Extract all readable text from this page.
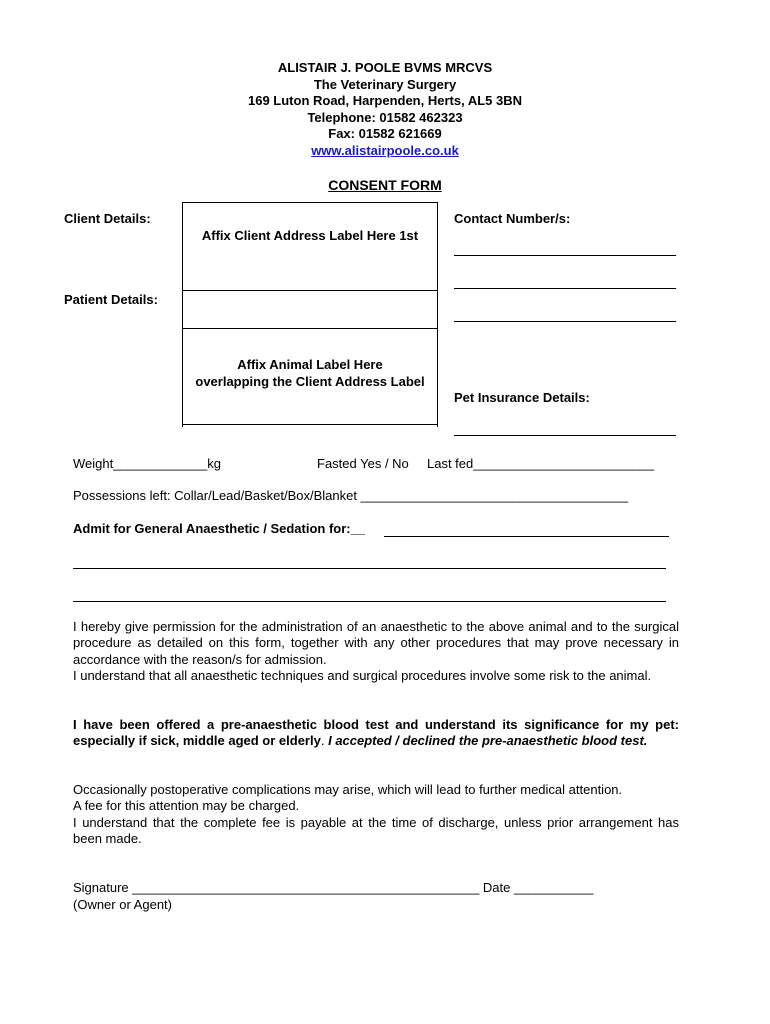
ALISTAIR J. POOLE BVMS MRCVS
The Veterinary Surgery
169 Luton Road, Harpenden, Herts, AL5 3BN
Telephone: 01582 462323
Fax: 01582 621669
www.alistairpoole.co.uk
CONSENT FORM
Client Details:
Patient Details:
Affix Client Address Label Here 1st
Affix Animal Label Here
overlapping the Client Address Label
Contact Number/s:
Pet Insurance Details:
Weight_____________kg	Fasted Yes / No Last fed_________________________
Possessions left: Collar/Lead/Basket/Box/Blanket _____________________________________
Admit for General Anaesthetic / Sedation for:__

I hereby give permission for the administration of an anaesthetic to the above animal and to the surgical procedure as detailed on this form, together with any other procedures that may prove necessary in accordance with the reason/s for admission.

I understand that all anaesthetic techniques and surgical procedures involve some risk to the animal.

I have been offered a pre-anaesthetic blood test and understand its significance for my pet: especially if sick, middle aged or elderly. I accepted / declined the pre-anaesthetic blood test.

Occasionally postoperative complications may arise, which will lead to further medical attention.

A fee for this attention may be charged.

I understand that the complete fee is payable at the time of discharge, unless prior arrangement has been made.

Signature ________________________________________________ Date ___________
(Owner or Agent)
